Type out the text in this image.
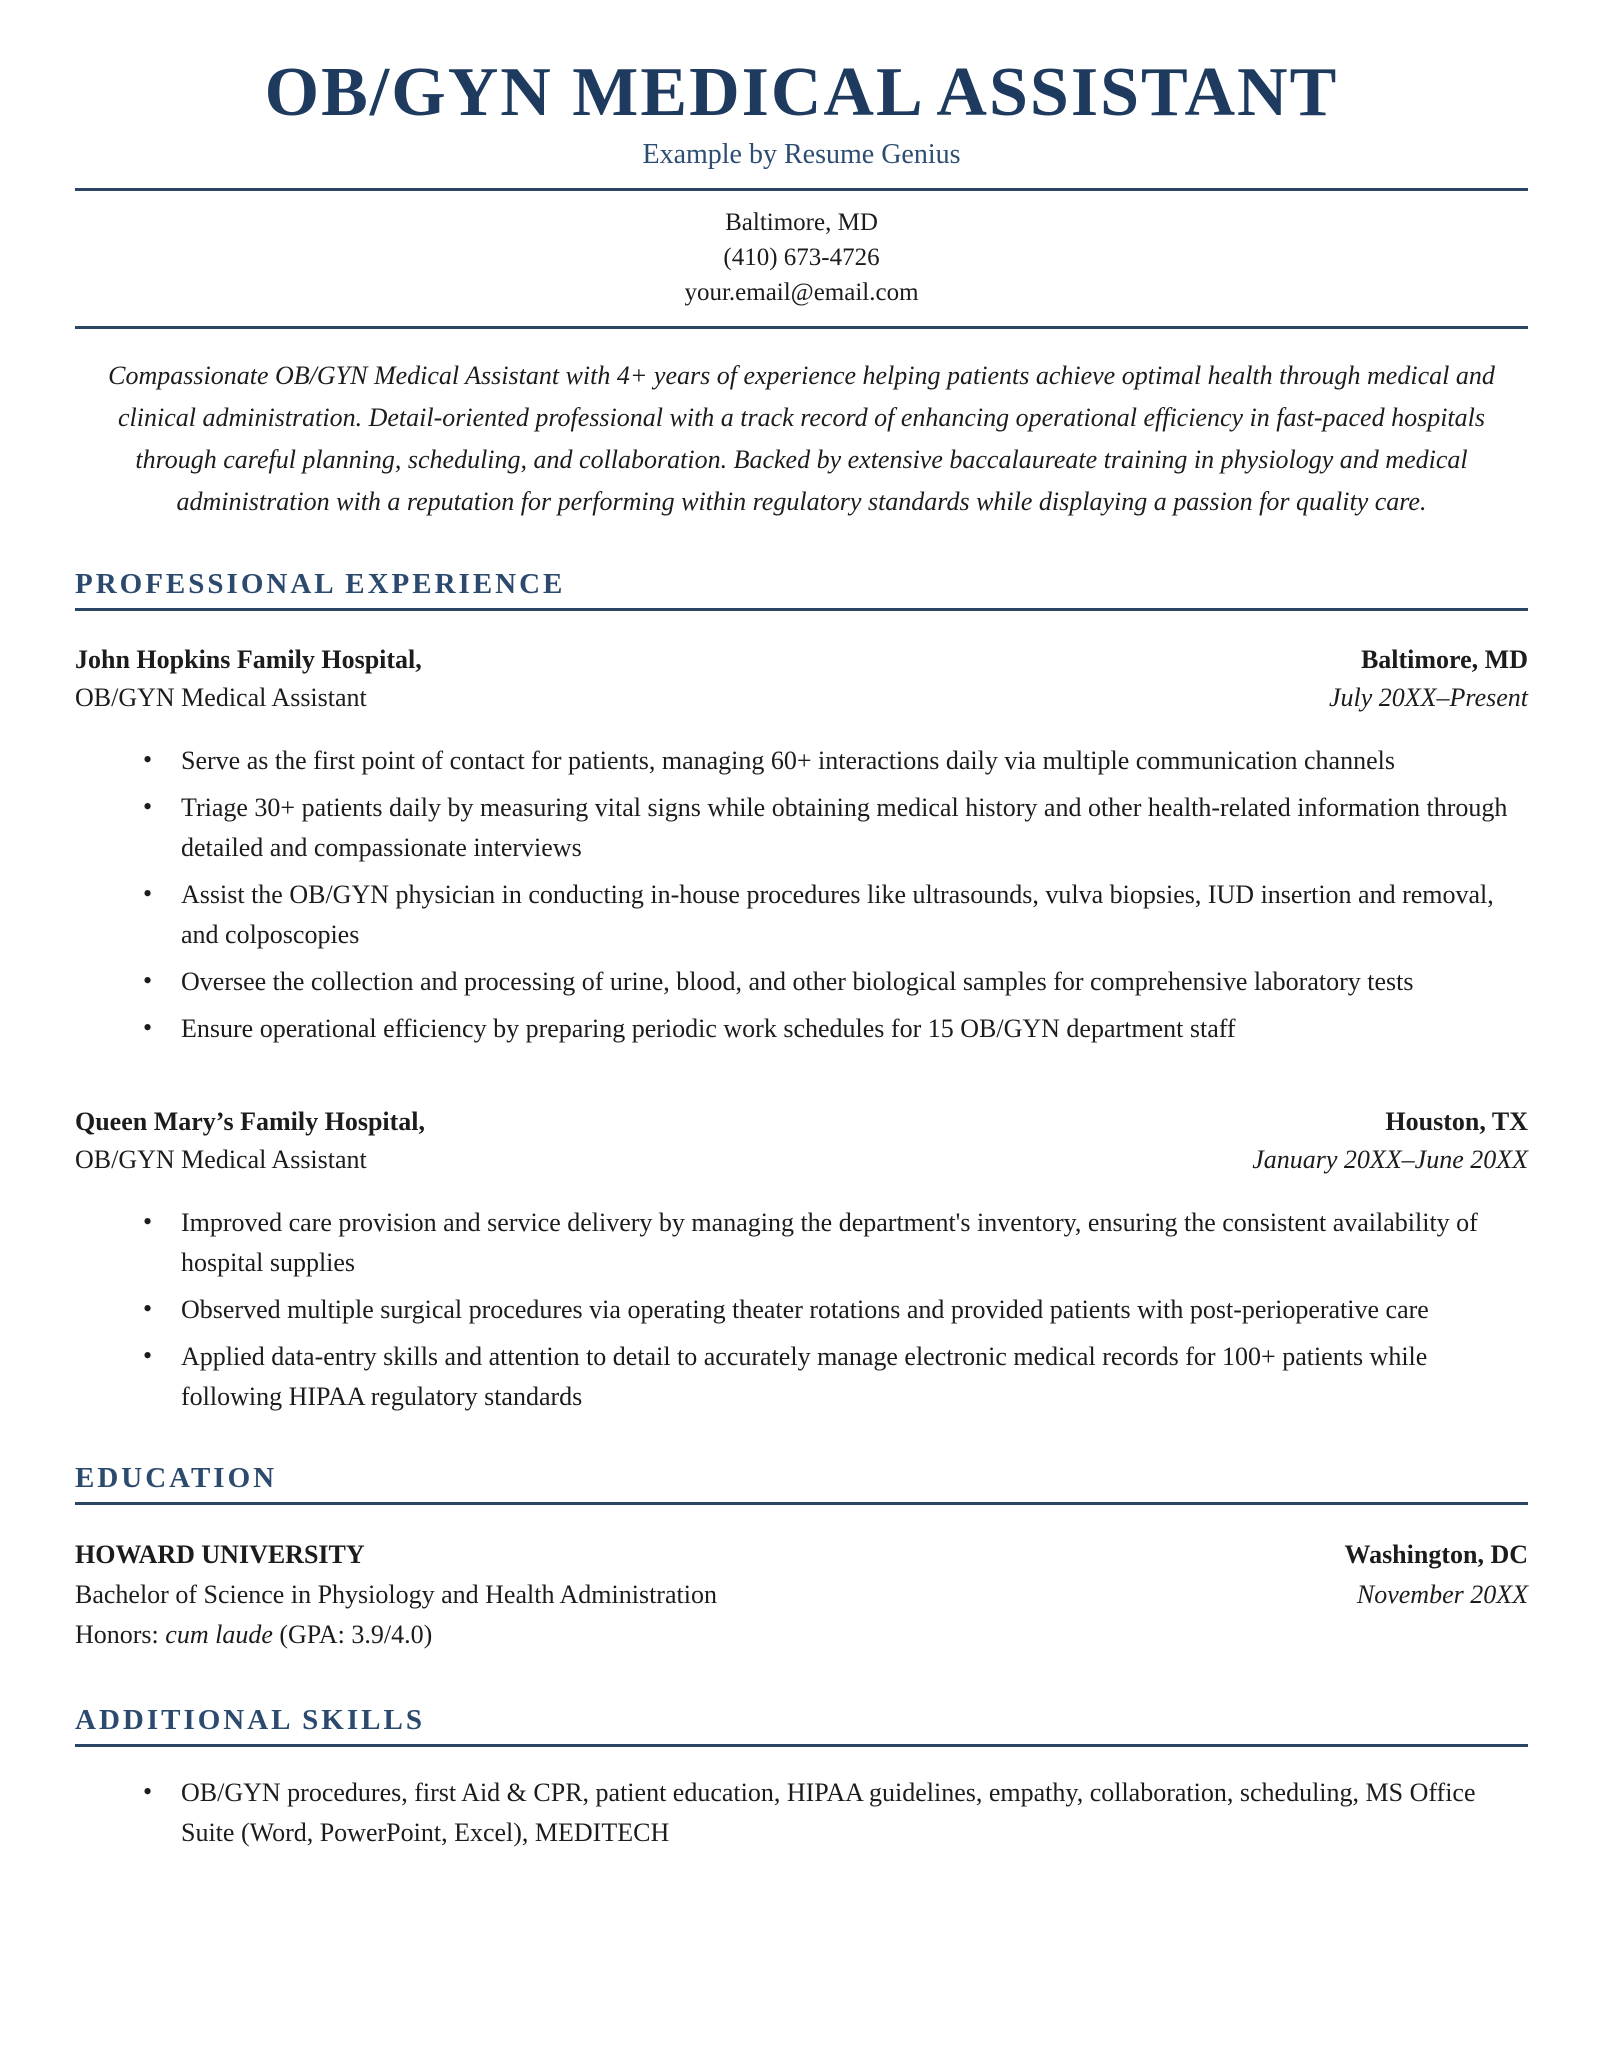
OB/GYN MEDICAL ASSISTANT
Example by Resume Genius
Baltimore, MD
(410) 673-4726
your.email@email.com

Compassionate OB/GYN Medical Assistant with 4+ years of experience helping patients achieve optimal health through medical and clinical administration. Detail-oriented professional with a track record of enhancing operational efficiency in fast-paced hospitals through careful planning, scheduling, and collaboration. Backed by extensive baccalaureate training in physiology and medical administration with a reputation for performing within regulatory standards while displaying a passion for quality care.

PROFESSIONAL EXPERIENCE
John Hopkins Family Hospital,
OB/GYN Medical Assistant
Baltimore, MD
July 20XX–Present
• Serve as the first point of contact for patients, managing 60+ interactions daily via multiple communication channels
• Triage 30+ patients daily by measuring vital signs while obtaining medical history and other health-related information through detailed and compassionate interviews
• Assist the OB/GYN physician in conducting in-house procedures like ultrasounds, vulva biopsies, IUD insertion and removal, and colposcopies
• Oversee the collection and processing of urine, blood, and other biological samples for comprehensive laboratory tests
• Ensure operational efficiency by preparing periodic work schedules for 15 OB/GYN department staff
Queen Mary’s Family Hospital,
OB/GYN Medical Assistant
Houston, TX
January 20XX–June 20XX
• Improved care provision and service delivery by managing the department's inventory, ensuring the consistent availability of hospital supplies
• Observed multiple surgical procedures via operating theater rotations and provided patients with post-perioperative care
• Applied data-entry skills and attention to detail to accurately manage electronic medical records for 100+ patients while following HIPAA regulatory standards
EDUCATION
HOWARD UNIVERSITY
Bachelor of Science in Physiology and Health Administration
Honors: cum laude (GPA: 3.9/4.0)
Washington, DC
November 20XX
ADDITIONAL SKILLS
• OB/GYN procedures, first Aid & CPR, patient education, HIPAA guidelines, empathy, collaboration, scheduling, MS Office Suite (Word, PowerPoint, Excel), MEDITECH
